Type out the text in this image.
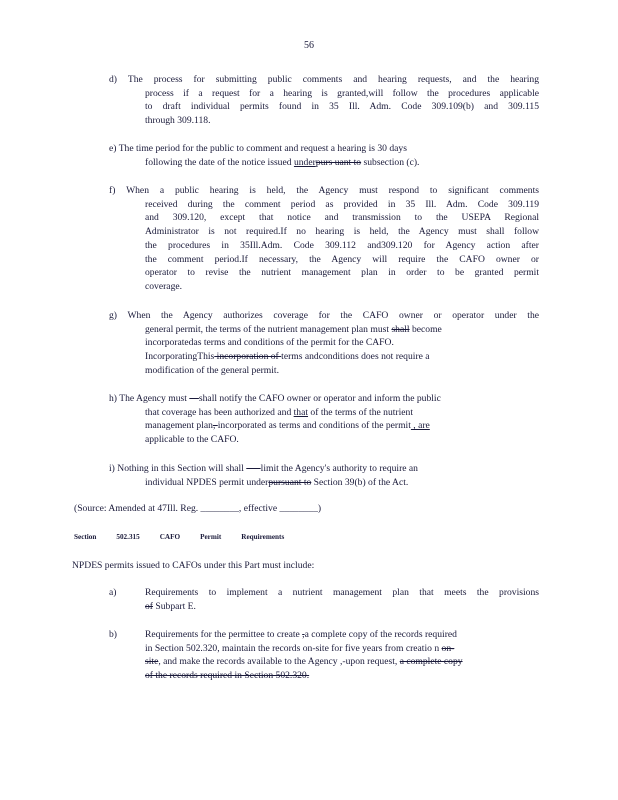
56
d) The process for submitting public comments and hearing requests, and the hearing
process if a request for a hearing is granted,will follow the procedures applicable
to draft individual permits found in 35 Ill. Adm. Code 309.109(b) and 309.115
through 309.118.
e) The time period for the public to comment and request a hearing is 30 days
following the date of the notice issued underpurs uant to subsection (c).
f) When a public hearing is held, the Agency must respond to significant comments
received during the comment period as provided in 35 Ill. Adm. Code 309.119
and 309.120, except that notice and transmission to the USEPA Regional
Administrator is not required.If no hearing is held, the Agency must shall follow
the procedures in 35Ill.Adm. Code 309.112 and309.120 for Agency action after
the comment period.If necessary, the Agency will require the CAFO owner or
operator to revise the nutrient management plan in order to be granted permit
coverage.
g) When the Agency authorizes coverage for the CAFO owner or operator under the
general permit, the terms of the nutrient management plan must shall become
incorporatedas terms and conditions of the permit for the CAFO.
IncorporatingThis incorporation of terms andconditions does not require a
modification of the general permit.
h) The Agency must     shall notify the CAFO owner or operator and inform the public
that coverage has been authorized and that of the terms of the nutrient
management plan, incorporated as terms and conditions of the permit , are
applicable to the CAFO.
i) Nothing in this Section will shall       limit the Agency's authority to require an
individual NPDES permit underpursuant to Section 39(b) of the Act.
(Source: Amended at 47Ill. Reg. ________, effective ________)
Section	502.315	CAFO	Permit	Requirements
NPDES permits issued to CAFOs under this Part must include:
a)	Requirements to implement a nutrient management plan that meets the provisions
of Subpart E.
b)	Requirements for the permittee to create ,a complete copy of the records required
in Section 502.320, maintain the records on-site for five years from creatio n on-
site, and make the records available to the Agency ,-upon request, a complete copy
of the records required in Section 502.320.
